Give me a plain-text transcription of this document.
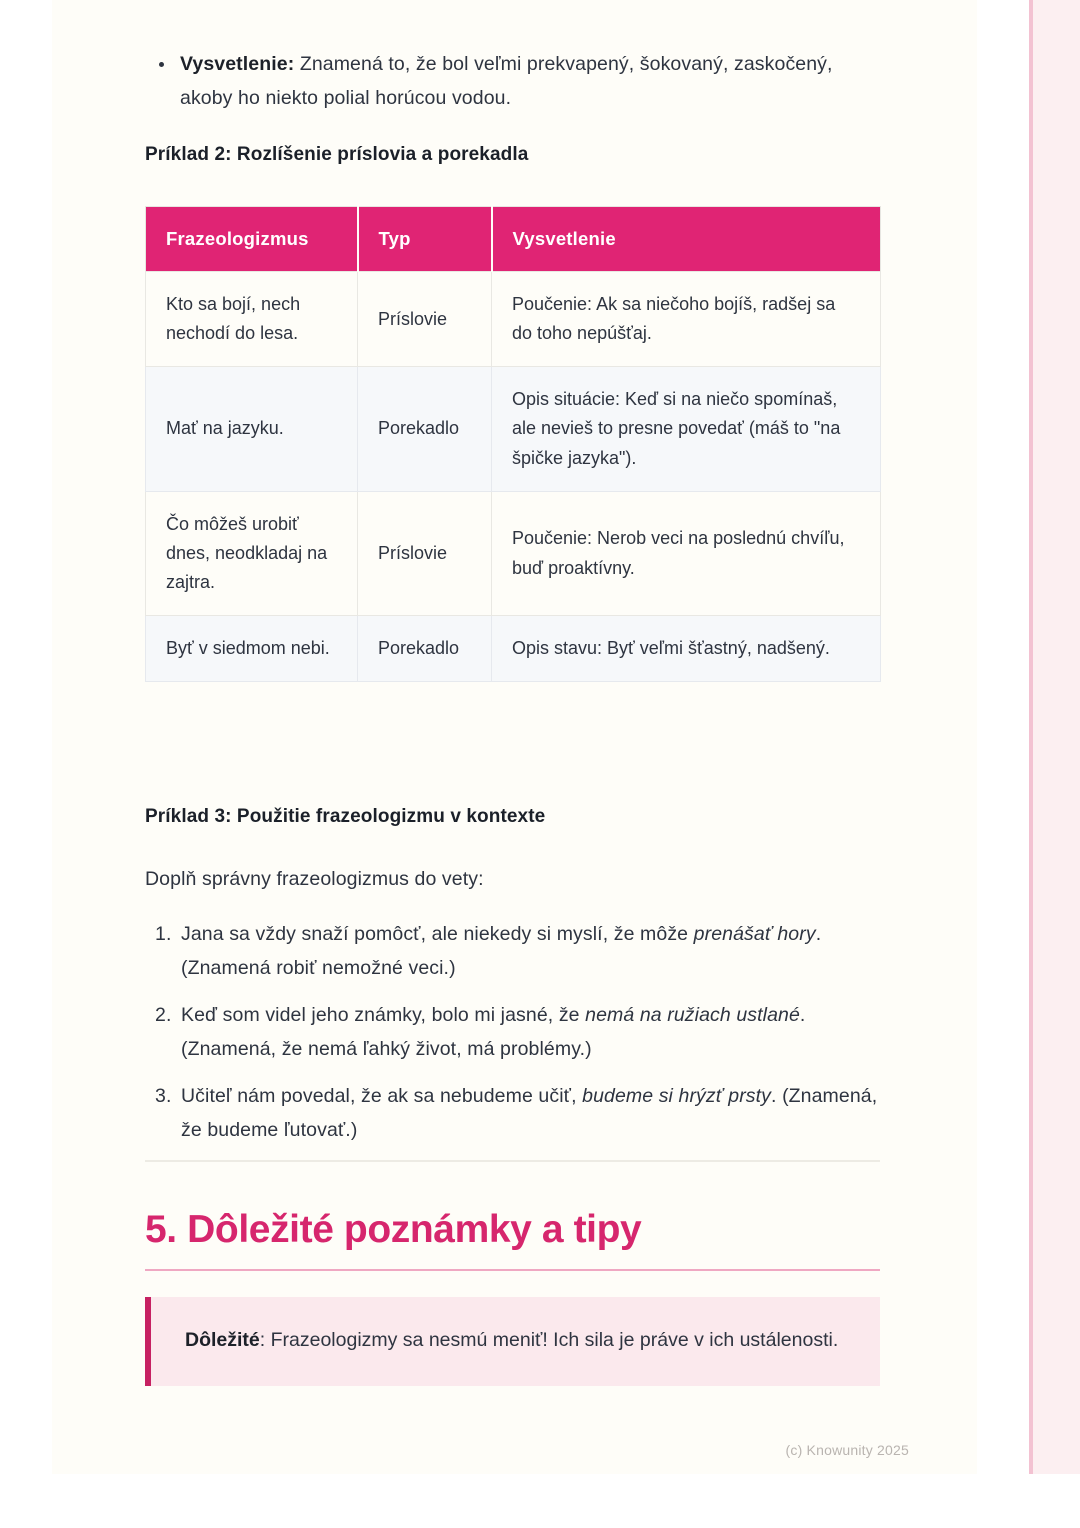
• Vysvetlenie: Znamená to, že bol veľmi prekvapený, šokovaný, zaskočený, akoby ho niekto polial horúcou vodou.
Príklad 2: Rozlíšenie príslovia a porekadla
Frazeologizmus	Typ	Vysvetlenie
Kto sa bojí, nech nechodí do lesa.	Príslovie	Poučenie: Ak sa niečoho bojíš, radšej sa do toho nepúšťaj.
Mať na jazyku.	Porekadlo	Opis situácie: Keď si na niečo spomínaš, ale nevieš to presne povedať (máš to "na špičke jazyka").
Čo môžeš urobiť dnes, neodkladaj na zajtra.	Príslovie	Poučenie: Nerob veci na poslednú chvíľu, buď proaktívny.
Byť v siedmom nebi.	Porekadlo	Opis stavu: Byť veľmi šťastný, nadšený.
Príklad 3: Použitie frazeologizmu v kontexte
Doplň správny frazeologizmus do vety:
1. Jana sa vždy snaží pomôcť, ale niekedy si myslí, že môže prenášať hory. (Znamená robiť nemožné veci.)
2. Keď som videl jeho známky, bolo mi jasné, že nemá na ružiach ustlané. (Znamená, že nemá ľahký život, má problémy.)
3. Učiteľ nám povedal, že ak sa nebudeme učiť, budeme si hrýzť prsty. (Znamená, že budeme ľutovať.)
5. Dôležité poznámky a tipy

Dôležité: Frazeologizmy sa nesmú meniť! Ich sila je práve v ich ustálenosti.

(c) Knowunity 2025
